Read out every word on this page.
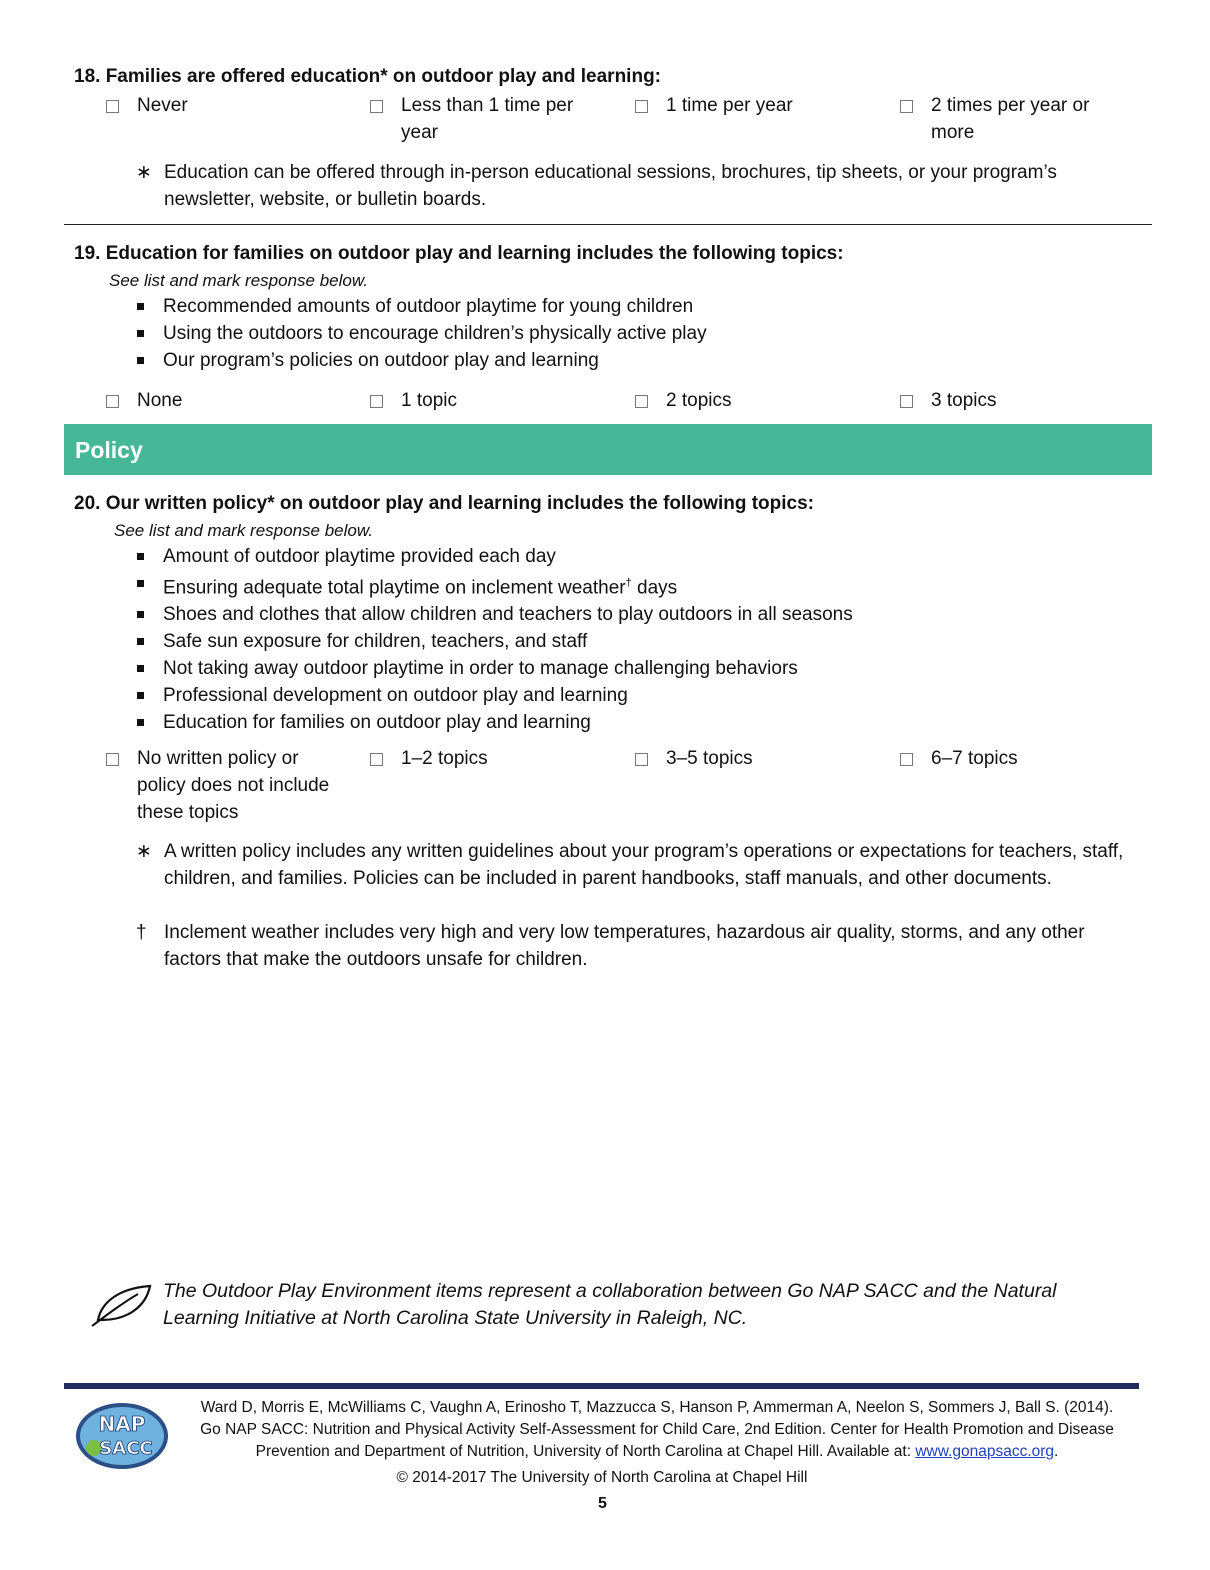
18. Families are offered education* on outdoor play and learning:
Never	Less than 1 time per year
1 time per year	2 times per year or more
∗ Education can be offered through in-person educational sessions, brochures, tip sheets, or your program’s newsletter, website, or bulletin boards.
19. Education for families on outdoor play and learning includes the following topics:
See list and mark response below.
Recommended amounts of outdoor playtime for young children
Using the outdoors to encourage children’s physically active play
Our program’s policies on outdoor play and learning
None	1 topic	2 topics	3 topics
Policy
20. Our written policy* on outdoor play and learning includes the following topics:
See list and mark response below.
Amount of outdoor playtime provided each day
Ensuring adequate total playtime on inclement weather† days
Shoes and clothes that allow children and teachers to play outdoors in all seasons
Safe sun exposure for children, teachers, and staff
Not taking away outdoor playtime in order to manage challenging behaviors
Professional development on outdoor play and learning
Education for families on outdoor play and learning
No written policy or policy does not include these topics
1–2 topics	3–5 topics	6–7 topics
∗ A written policy includes any written guidelines about your program’s operations or expectations for teachers, staff, children, and families. Policies can be included in parent handbooks, staff manuals, and other documents.
† Inclement weather includes very high and very low temperatures, hazardous air quality, storms, and any other factors that make the outdoors unsafe for children.
The Outdoor Play Environment items represent a collaboration between Go NAP SACC and the Natural Learning Initiative at North Carolina State University in Raleigh, NC.
NAP
SACC
Ward D, Morris E, McWilliams C, Vaughn A, Erinosho T, Mazzucca S, Hanson P, Ammerman A, Neelon S, Sommers J, Ball S. (2014).
Go NAP SACC: Nutrition and Physical Activity Self-Assessment for Child Care, 2nd Edition. Center for Health Promotion and Disease
Prevention and Department of Nutrition, University of North Carolina at Chapel Hill. Available at: www.gonapsacc.org.
© 2014-2017 The University of North Carolina at Chapel Hill
5
